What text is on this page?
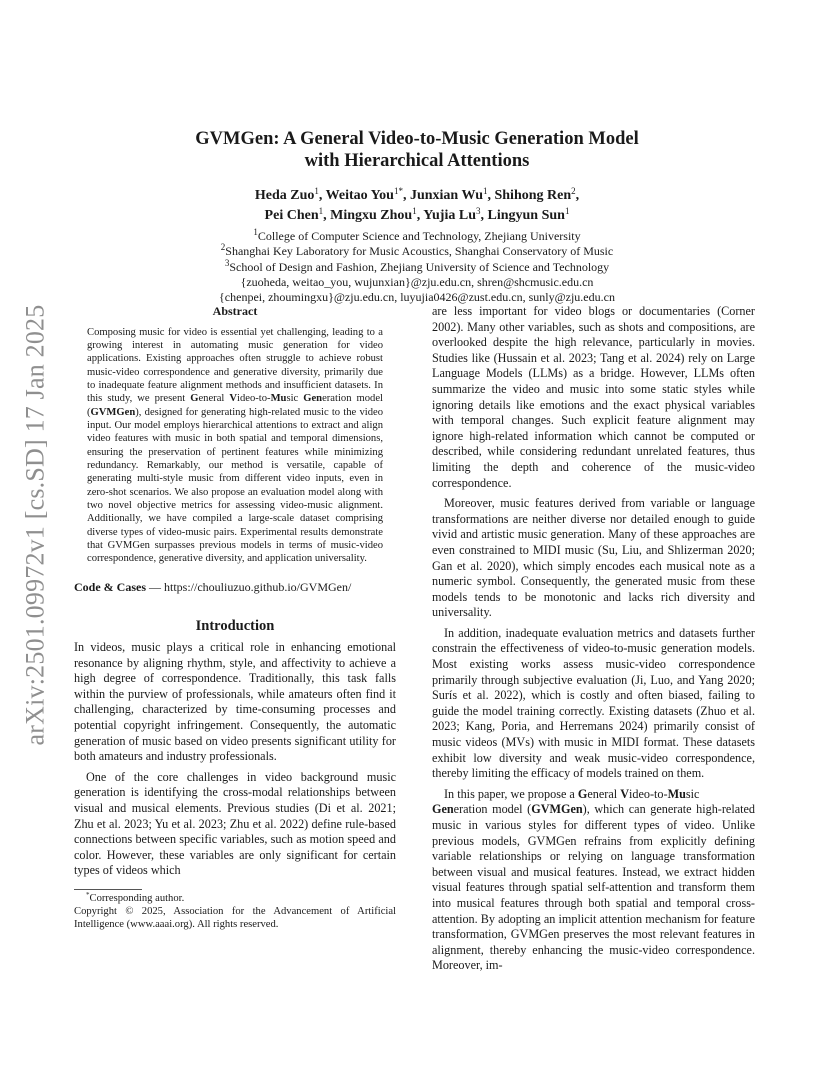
arXiv:2501.09972v1 [cs.SD] 17 Jan 2025
GVMGen: A General Video-to-Music Generation Model
with Hierarchical Attentions
Heda Zuo$^1$, Weitao You$^{1*}$, Junxian Wu$^1$, Shihong Ren$^2$,
Pei Chen$^1$, Mingxu Zhou$^1$, Yujia Lu$^3$, Lingyun Sun$^1$
$^1$College of Computer Science and Technology, Zhejiang University
$^2$Shanghai Key Laboratory for Music Acoustics, Shanghai Conservatory of Music
$^3$School of Design and Fashion, Zhejiang University of Science and Technology
{zuoheda, weitao_you, wujunxian}@zju.edu.cn, shren@shcmusic.edu.cn
{chenpei, zhoumingxu}@zju.edu.cn, luyujia0426@zust.edu.cn, sunly@zju.edu.cn
Abstract

Composing music for video is essential yet challenging, leading to a growing interest in automating music generation for video applications. Existing approaches often struggle to achieve robust music-video correspondence and generative diversity, primarily due to inadequate feature alignment methods and insufficient datasets. In this study, we present General Video-to-Music Generation model (GVMGen), designed for generating high-related music to the video input. Our model employs hierarchical attentions to extract and align video features with music in both spatial and temporal dimensions, ensuring the preservation of pertinent features while minimizing redundancy. Remarkably, our method is versatile, capable of generating multi-style music from different video inputs, even in zero-shot scenarios. We also propose an evaluation model along with two novel objective metrics for assessing video-music alignment. Additionally, we have compiled a large-scale dataset comprising diverse types of video-music pairs. Experimental results demonstrate that GVMGen surpasses previous models in terms of music-video correspondence, generative diversity, and application universality.

Code & Cases — https://chouliuzuo.github.io/GVMGen/

Introduction

In videos, music plays a critical role in enhancing emotional resonance by aligning rhythm, style, and affectivity to achieve a high degree of correspondence. Traditionally, this task falls within the purview of professionals, while amateurs often find it challenging, characterized by time-consuming processes and potential copyright infringement. Consequently, the automatic generation of music based on video presents significant utility for both amateurs and industry professionals.

One of the core challenges in video background music generation is identifying the cross-modal relationships between visual and musical elements. Previous studies (Di et al. 2021; Zhu et al. 2023; Yu et al. 2023; Zhu et al. 2022) define rule-based connections between specific variables, such as motion speed and color. However, these variables are only significant for certain types of videos which

*Corresponding author.
Copyright © 2025, Association for the Advancement of Artificial Intelligence (www.aaai.org). All rights reserved.

are less important for video blogs or documentaries (Corner 2002). Many other variables, such as shots and compositions, are overlooked despite the high relevance, particularly in movies. Studies like (Hussain et al. 2023; Tang et al. 2024) rely on Large Language Models (LLMs) as a bridge. However, LLMs often summarize the video and music into some static styles while ignoring details like emotions and the exact physical variables with temporal changes. Such explicit feature alignment may ignore high-related information which cannot be computed or described, while considering redundant unrelated features, thus limiting the depth and coherence of the music-video correspondence.

Moreover, music features derived from variable or language transformations are neither diverse nor detailed enough to guide vivid and artistic music generation. Many of these approaches are even constrained to MIDI music (Su, Liu, and Shlizerman 2020; Gan et al. 2020), which simply encodes each musical note as a numeric symbol. Consequently, the generated music from these models tends to be monotonic and lacks rich diversity and universality.

In addition, inadequate evaluation metrics and datasets further constrain the effectiveness of video-to-music generation models. Most existing works assess music-video correspondence primarily through subjective evaluation (Ji, Luo, and Yang 2020; Surís et al. 2022), which is costly and often biased, failing to guide the model training correctly. Existing datasets (Zhuo et al. 2023; Kang, Poria, and Herremans 2024) primarily consist of music videos (MVs) with music in MIDI format. These datasets exhibit low diversity and weak music-video correspondence, thereby limiting the efficacy of models trained on them.

In this paper, we propose a General Video-to-Music
Generation model (GVMGen), which can generate high-related music in various styles for different types of video. Unlike previous models, GVMGen refrains from explicitly defining variable relationships or relying on language transformation between visual and musical features. Instead, we extract hidden visual features through spatial self-attention and transform them into musical features through both spatial and temporal cross-attention. By adopting an implicit attention mechanism for feature transformation, GVMGen preserves the most relevant features in alignment, thereby enhancing the music-video correspondence. Moreover, im-
